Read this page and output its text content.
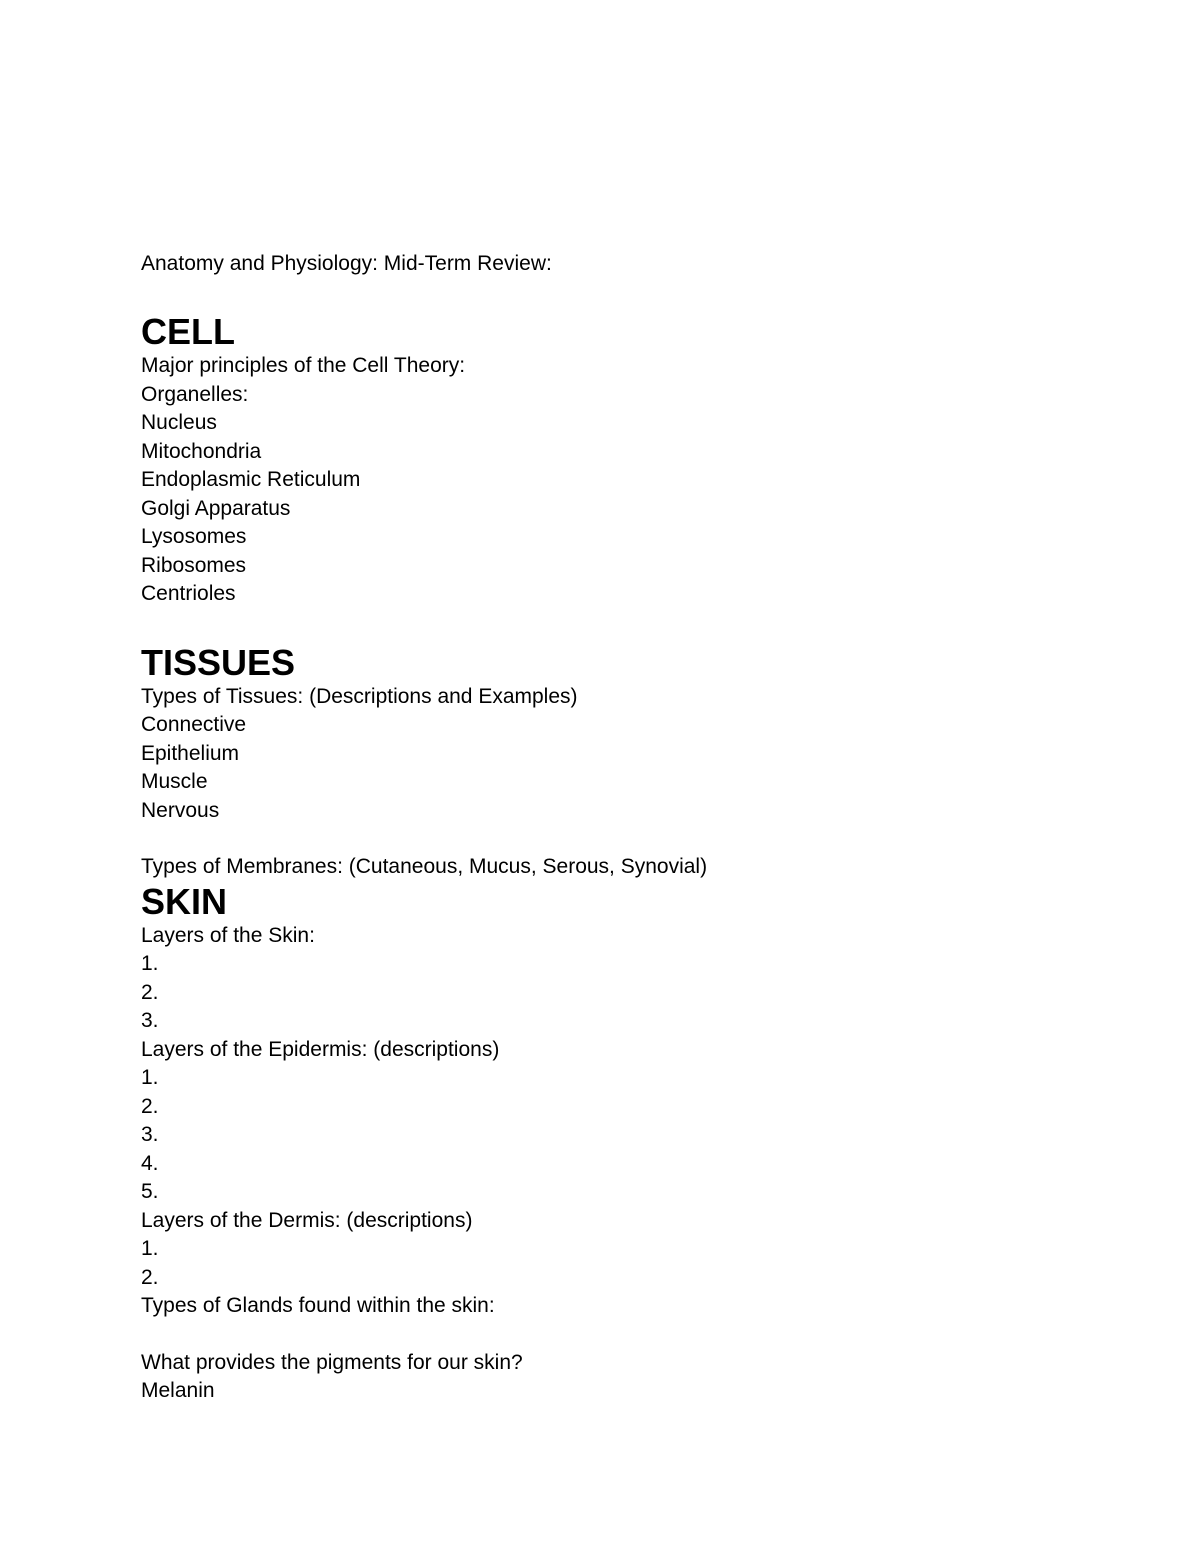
Anatomy and Physiology: Mid-Term Review:
CELL
Major principles of the Cell Theory:
Organelles:
Nucleus
Mitochondria
Endoplasmic Reticulum
Golgi Apparatus
Lysosomes
Ribosomes
Centrioles
TISSUES
Types of Tissues: (Descriptions and Examples)
Connective
Epithelium
Muscle
Nervous
Types of Membranes: (Cutaneous, Mucus, Serous, Synovial)
SKIN
Layers of the Skin:
1.
2.
3.
Layers of the Epidermis: (descriptions)
1.
2.
3.
4.
5.
Layers of the Dermis: (descriptions)
1.
2.
Types of Glands found within the skin:
What provides the pigments for our skin?
Melanin
